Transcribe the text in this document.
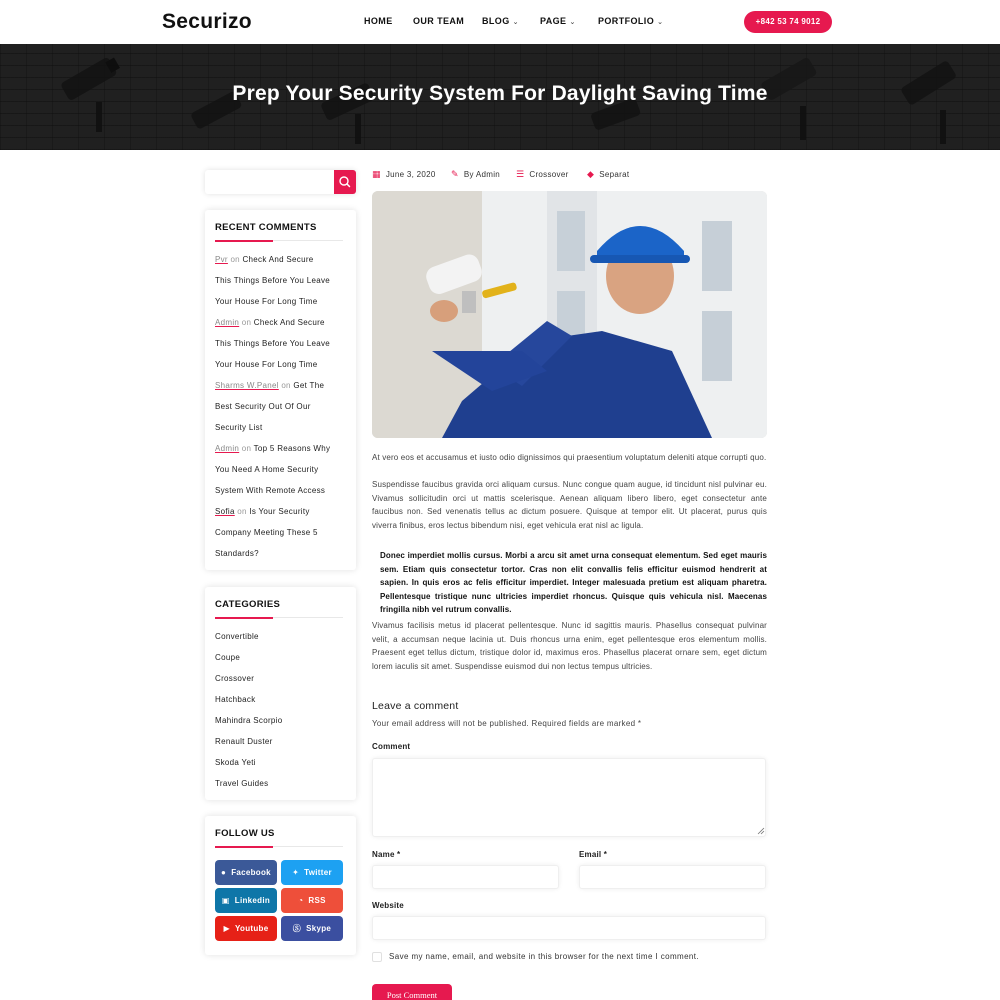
Securizo	HOME OUR TEAM BLOG ⌄ PAGE ⌄ PORTFOLIO ⌄	+842 53 74 9012
Prep Your Security System For Daylight Saving Time
RECENT COMMENTS
Pvr on Check And Secure
This Things Before You Leave
Your House For Long Time
Admin on Check And Secure
This Things Before You Leave
Your House For Long Time
Sharms W.Panel on Get The
Best Security Out Of Our
Security List
Admin on Top 5 Reasons Why
You Need A Home Security
System With Remote Access
Sofia on Is Your Security
Company Meeting These 5
Standards?
CATEGORIES
Convertible
Coupe
Crossover
Hatchback
Mahindra Scorpio
Renault Duster
Skoda Yeti
Travel Guides
FOLLOW US
● Facebook	✦ Twitter
▣ Linkedin	◔ RSS
▶ Youtube	Ⓢ Skype
▦ June 3, 2020 ✎ By Admin ☰ Crossover ◆ Separat
At vero eos et accusamus et iusto odio dignissimos qui praesentium voluptatum deleniti atque corrupti quo.
Suspendisse faucibus gravida orci aliquam cursus. Nunc congue quam augue, id tincidunt nisl pulvinar eu. Vivamus sollicitudin orci ut mattis scelerisque. Aenean aliquam libero libero, eget consectetur ante faucibus non. Sed venenatis tellus ac dictum posuere. Quisque at tempor elit. Ut placerat, purus quis viverra finibus, eros lectus bibendum nisi, eget vehicula erat nisl ac ligula.
Donec imperdiet mollis cursus. Morbi a arcu sit amet urna consequat elementum. Sed eget mauris sem. Etiam quis consectetur tortor. Cras non elit convallis felis efficitur euismod hendrerit at sapien. In quis eros ac felis efficitur imperdiet. Integer malesuada pretium est aliquam pharetra. Pellentesque tristique nunc ultricies imperdiet rhoncus. Quisque quis vehicula nisl. Maecenas fringilla nibh vel rutrum convallis.
Vivamus facilisis metus id placerat pellentesque. Nunc id sagittis mauris. Phasellus consequat pulvinar velit, a accumsan neque lacinia ut. Duis rhoncus urna enim, eget pellentesque eros elementum mollis. Praesent eget tellus dictum, tristique dolor id, maximus eros. Phasellus placerat ornare sem, eget dictum lorem iaculis sit amet. Suspendisse euismod dui non lectus tempus ultricies.
Leave a comment
Your email address will not be published. Required fields are marked *
Comment
Name *	Email *
Website
Save my name, email, and website in this browser for the next time I comment.
Post Comment
